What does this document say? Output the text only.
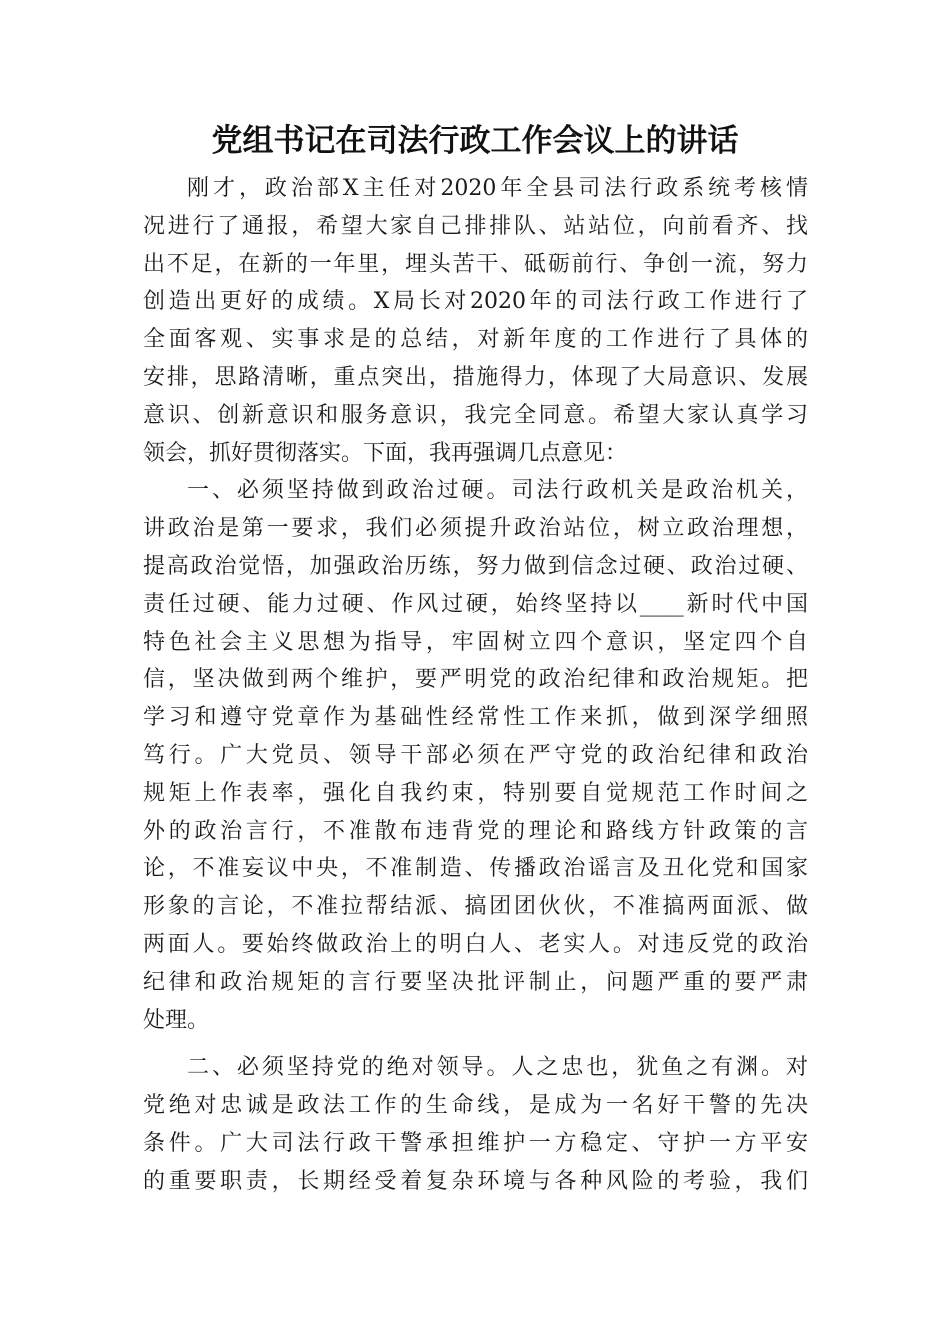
党组书记在司法行政工作会议上的讲话
刚才，政治部X主任对2020年全县司法行政系统考核情
况进行了通报，希望大家自己排排队、站站位，向前看齐、找
出不足，在新的一年里，埋头苦干、砥砺前行、争创一流，努力
创造出更好的成绩。X局长对2020年的司法行政工作进行了
全面客观、实事求是的总结，对新年度的工作进行了具体的
安排，思路清晰，重点突出，措施得力，体现了大局意识、发展
意识、创新意识和服务意识，我完全同意。希望大家认真学习
领会，抓好贯彻落实。下面，我再强调几点意见：
一、必须坚持做到政治过硬。司法行政机关是政治机关，
讲政治是第一要求，我们必须提升政治站位，树立政治理想，
提高政治觉悟，加强政治历练，努力做到信念过硬、政治过硬、
责任过硬、能力过硬、作风过硬，始终坚持以____新时代中国
特色社会主义思想为指导，牢固树立四个意识，坚定四个自
信，坚决做到两个维护，要严明党的政治纪律和政治规矩。把
学习和遵守党章作为基础性经常性工作来抓，做到深学细照
笃行。广大党员、领导干部必须在严守党的政治纪律和政治
规矩上作表率，强化自我约束，特别要自觉规范工作时间之
外的政治言行，不准散布违背党的理论和路线方针政策的言
论，不准妄议中央，不准制造、传播政治谣言及丑化党和国家
形象的言论，不准拉帮结派、搞团团伙伙，不准搞两面派、做
两面人。要始终做政治上的明白人、老实人。对违反党的政治
纪律和政治规矩的言行要坚决批评制止，问题严重的要严肃
处理。
二、必须坚持党的绝对领导。人之忠也，犹鱼之有渊。对
党绝对忠诚是政法工作的生命线，是成为一名好干警的先决
条件。广大司法行政干警承担维护一方稳定、守护一方平安
的重要职责，长期经受着复杂环境与各种风险的考验，我们
